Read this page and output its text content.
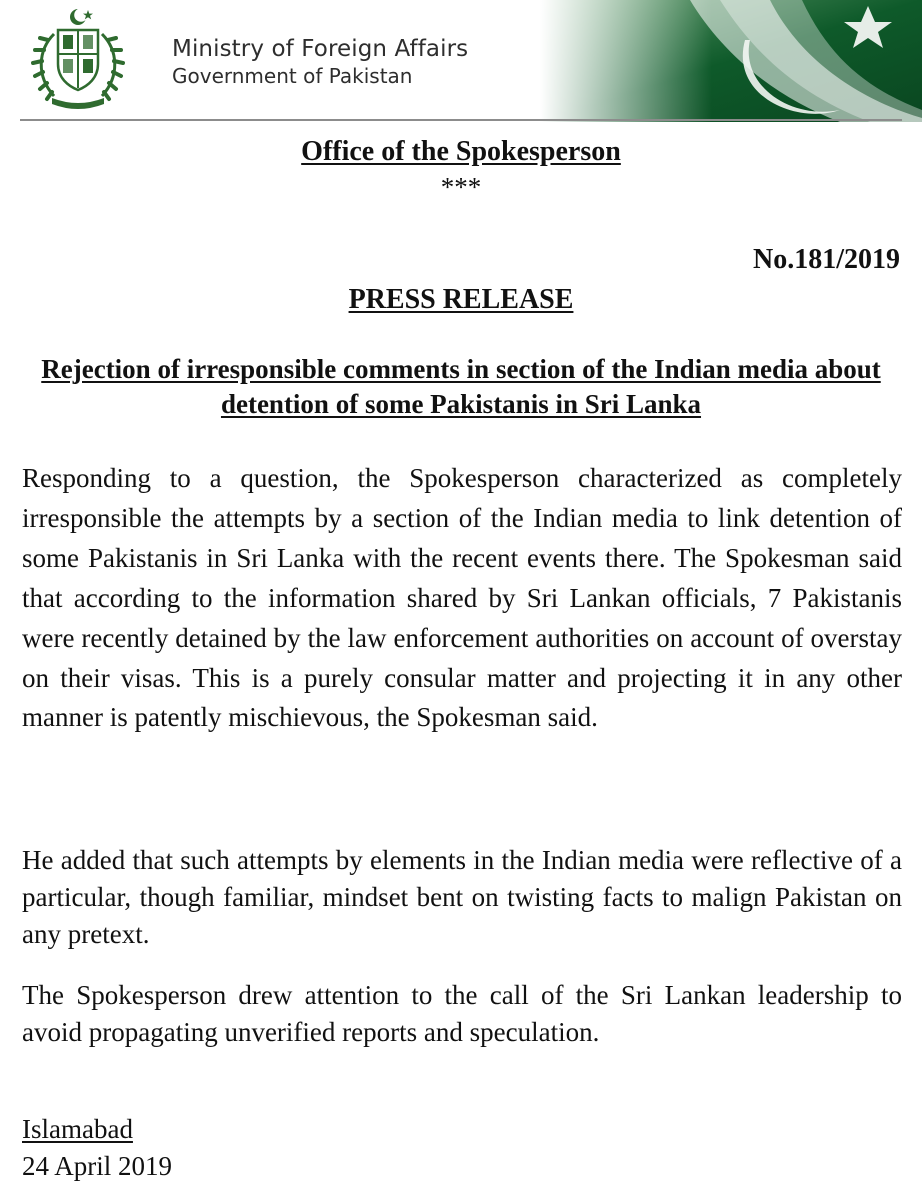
Ministry of Foreign Affairs
Government of Pakistan
Office of the Spokesperson
***
No.181/2019
PRESS RELEASE
Rejection of irresponsible comments in section of the Indian media about detention of some Pakistanis in Sri Lanka

Responding to a question, the Spokesperson characterized as completely irresponsible the attempts by a section of the Indian media to link detention of some Pakistanis in Sri Lanka with the recent events there. The Spokesman said that according to the information shared by Sri Lankan officials, 7 Pakistanis were recently detained by the law enforcement authorities on account of overstay on their visas. This is a purely consular matter and projecting it in any other manner is patently mischievous, the Spokesman said.

He added that such attempts by elements in the Indian media were reflective of a particular, though familiar, mindset bent on twisting facts to malign Pakistan on any pretext.

The Spokesperson drew attention to the call of the Sri Lankan leadership to avoid propagating unverified reports and speculation.

Islamabad
24 April 2019
